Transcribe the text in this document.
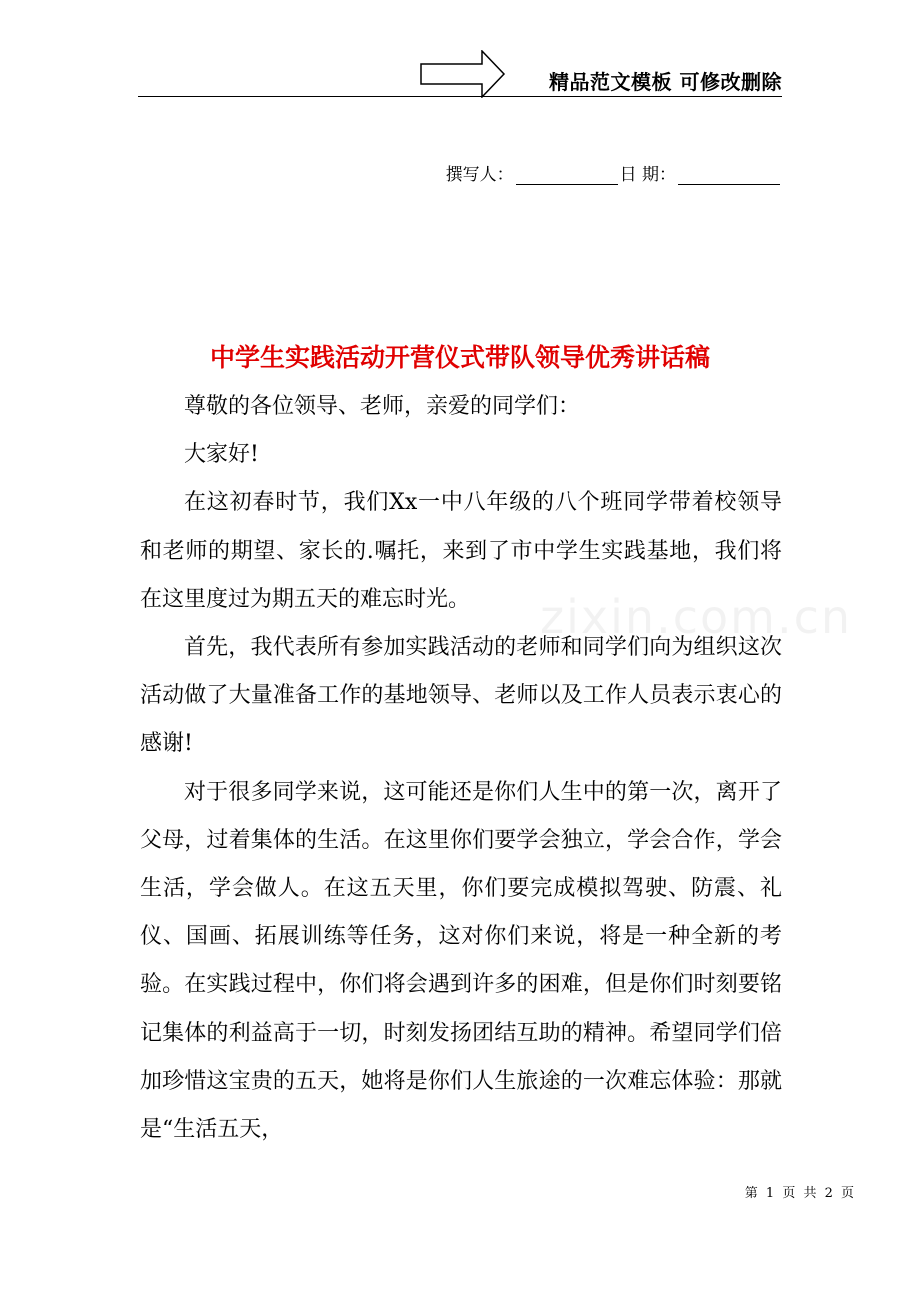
精品范文模板 可修改删除
撰写人：	日 期：
中学生实践活动开营仪式带队领导优秀讲话稿
zixin.com.cn

尊敬的各位领导、老师，亲爱的同学们：

大家好!

在这初春时节，我们Xx一中八年级的八个班同学带着校领导和老师的期望、家长的.嘱托，来到了市中学生实践基地，我们将在这里度过为期五天的难忘时光。

首先，我代表所有参加实践活动的老师和同学们向为组织这次活动做了大量准备工作的基地领导、老师以及工作人员表示衷心的感谢!

对于很多同学来说，这可能还是你们人生中的第一次，离开了父母，过着集体的生活。在这里你们要学会独立，学会合作，学会生活，学会做人。在这五天里，你们要完成模拟驾驶、防震、礼仪、国画、拓展训练等任务，这对你们来说，将是一种全新的考验。在实践过程中，你们将会遇到许多的困难，但是你们时刻要铭记集体的利益高于一切，时刻发扬团结互助的精神。希望同学们倍加珍惜这宝贵的五天，她将是你们人生旅途的一次难忘体验：那就是“生活五天，

第 1 页 共 2 页
